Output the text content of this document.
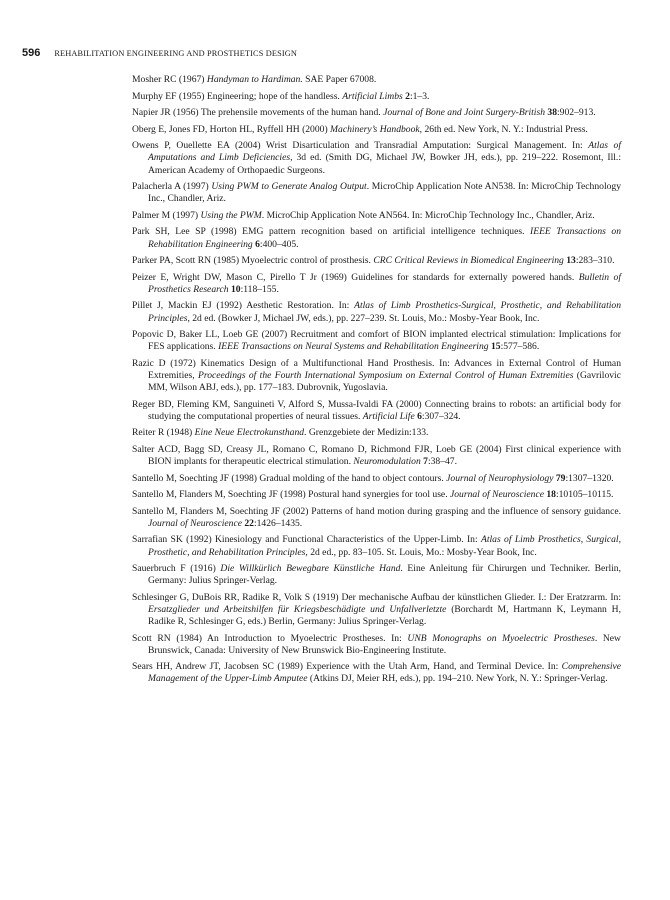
596 REHABILITATION ENGINEERING AND PROSTHETICS DESIGN
Mosher RC (1967) Handyman to Hardiman. SAE Paper 67008.
Murphy EF (1955) Engineering; hope of the handless. Artificial Limbs 2:1–3.
Napier JR (1956) The prehensile movements of the human hand. Journal of Bone and Joint Surgery-British 38:902–913.
Oberg E, Jones FD, Horton HL, Ryffell HH (2000) Machinery’s Handbook, 26th ed. New York, N. Y.: Industrial Press.
Owens P, Ouellette EA (2004) Wrist Disarticulation and Transradial Amputation: Surgical Management. In: Atlas of Amputations and Limb Deficiencies, 3d ed. (Smith DG, Michael JW, Bowker JH, eds.), pp. 219–222. Rosemont, Ill.: American Academy of Orthopaedic Surgeons.
Palacherla A (1997) Using PWM to Generate Analog Output. MicroChip Application Note AN538. In: MicroChip Technology Inc., Chandler, Ariz.
Palmer M (1997) Using the PWM. MicroChip Application Note AN564. In: MicroChip Technology Inc., Chandler, Ariz.
Park SH, Lee SP (1998) EMG pattern recognition based on artificial intelligence techniques. IEEE Transactions on Rehabilitation Engineering 6:400–405.
Parker PA, Scott RN (1985) Myoelectric control of prosthesis. CRC Critical Reviews in Biomedical Engineering 13:283–310.
Peizer E, Wright DW, Mason C, Pirello T Jr (1969) Guidelines for standards for externally powered hands. Bulletin of Prosthetics Research 10:118–155.
Pillet J, Mackin EJ (1992) Aesthetic Restoration. In: Atlas of Limb Prosthetics-Surgical, Prosthetic, and Rehabilitation Principles, 2d ed. (Bowker J, Michael JW, eds.), pp. 227–239. St. Louis, Mo.: Mosby-Year Book, Inc.
Popovic D, Baker LL, Loeb GE (2007) Recruitment and comfort of BION implanted electrical stimulation: Implications for FES applications. IEEE Transactions on Neural Systems and Rehabilitation Engineering 15:577–586.
Razic D (1972) Kinematics Design of a Multifunctional Hand Prosthesis. In: Advances in External Control of Human Extremities, Proceedings of the Fourth International Symposium on External Control of Human Extremities (Gavrilovic MM, Wilson ABJ, eds.), pp. 177–183. Dubrovnik, Yugoslavia.
Reger BD, Fleming KM, Sanguineti V, Alford S, Mussa-Ivaldi FA (2000) Connecting brains to robots: an artificial body for studying the computational properties of neural tissues. Artificial Life 6:307–324.
Reiter R (1948) Eine Neue Electrokunsthand. Grenzgebiete der Medizin:133.
Salter ACD, Bagg SD, Creasy JL, Romano C, Romano D, Richmond FJR, Loeb GE (2004) First clinical experience with BION implants for therapeutic electrical stimulation. Neuromodulation 7:38–47.
Santello M, Soechting JF (1998) Gradual molding of the hand to object contours. Journal of Neurophysiology 79:1307–1320.
Santello M, Flanders M, Soechting JF (1998) Postural hand synergies for tool use. Journal of Neuroscience 18:10105–10115.
Santello M, Flanders M, Soechting JF (2002) Patterns of hand motion during grasping and the influence of sensory guidance. Journal of Neuroscience 22:1426–1435.
Sarrafian SK (1992) Kinesiology and Functional Characteristics of the Upper-Limb. In: Atlas of Limb Prosthetics, Surgical, Prosthetic, and Rehabilitation Principles, 2d ed., pp. 83–105. St. Louis, Mo.: Mosby-Year Book, Inc.
Sauerbruch F (1916) Die Willkürlich Bewegbare Künstliche Hand. Eine Anleitung für Chirurgen und Techniker. Berlin, Germany: Julius Springer-Verlag.
Schlesinger G, DuBois RR, Radike R, Volk S (1919) Der mechanische Aufbau der künstlichen Glieder. I.: Der Eratzrarm. In: Ersatzglieder und Arbeitshilfen für Kriegsbeschädigte und Unfallverletzte (Borchardt M, Hartmann K, Leymann H, Radike R, Schlesinger G, eds.) Berlin, Germany: Julius Springer-Verlag.
Scott RN (1984) An Introduction to Myoelectric Prostheses. In: UNB Monographs on Myoelectric Prostheses. New Brunswick, Canada: University of New Brunswick Bio-Engineering Institute.
Sears HH, Andrew JT, Jacobsen SC (1989) Experience with the Utah Arm, Hand, and Terminal Device. In: Comprehensive Management of the Upper-Limb Amputee (Atkins DJ, Meier RH, eds.), pp. 194–210. New York, N. Y.: Springer-Verlag.
